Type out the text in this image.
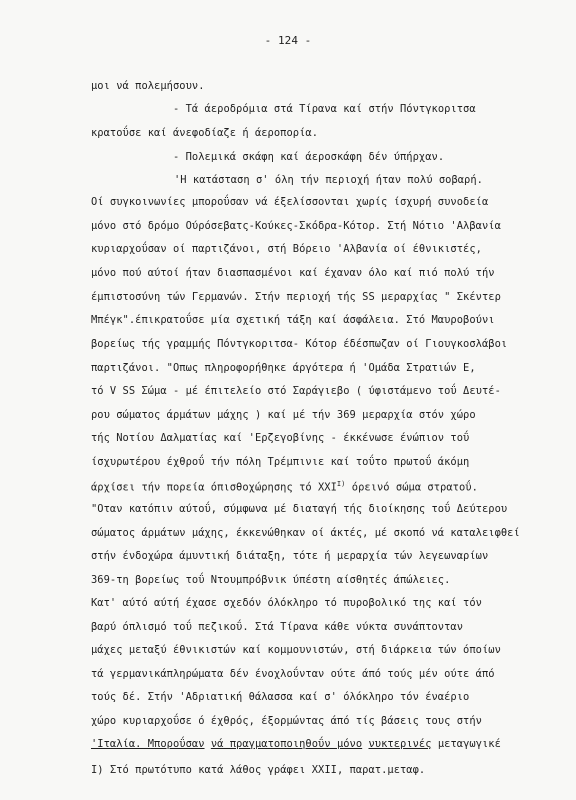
- 124 -
μοι νά πολεμήσουν.
- Τά άεροδρόμια στά Τίρανα καί στήν Πόντγκοριτσα
κρατοΰσε καί άνεφοδίαζε ή άεροπορία.
- Πολεμικά σκάφη καί άεροσκάφη δέν ύπήρχαν.
'Η κατάσταση σ' όλη τήν περιοχή ήταν πολύ σοβαρή.
Οί συγκοινωνίες μποροΰσαν νά έξελίσσονται χωρίς ίσχυρή συνοδεία
μόνο στό δρόμο Ούρόσεβατς-Κούκες-Σκόδρα-Κότορ. Στή Νότιο 'Αλβανία
κυριαρχοΰσαν οί παρτιζάνοι, στή Βόρειο 'Αλβανία οί έθνικιστές,
μόνο πού αύτοί ήταν διασπασμένοι καί έχαναν όλο καί πιό πολύ τήν
έμπιστοσύνη τών Γερμανών. Στήν περιοχή τής SS μεραρχίας " Σκέντερ
Μπέγκ".έπικρατοΰσε μία σχετική τάξη καί άσφάλεια. Στό Μαυροβούνι
βορείως τής γραμμής Πόντγκοριτσα- Κότορ έδέσπωζαν οί Γιουγκοσλάβοι
παρτιζάνοι. "Οπως πληροφορήθηκε άργότερα ή 'Ομάδα Στρατιών Ε,
τό V SS Σώμα - μέ έπιτελείο στό Σαράγιεβο ( ύφιστάμενο τοΰ Δευτέ-
ρου σώματος άρμάτων μάχης ) καί μέ τήν 369 μεραρχία στόν χώρο
τής Νοτίου Δαλματίας καί 'Ερζεγοβίνης - έκκένωσε ένώπιον τοΰ
ίσχυρωτέρου έχθροΰ τήν πόλη Τρέμπινιε καί τοΰτο πρωτοΰ άκόμη
άρχίσει τήν πορεία όπισθοχώρησης τό $XXI^{I)}$ όρεινό σώμα στρατοΰ.
"Οταν κατόπιν αύτοΰ, σύμφωνα μέ διαταγή τής διοίκησης τοΰ Δεύτερου
σώματος άρμάτων μάχης, έκκενώθηκαν οί άκτές, μέ σκοπό νά καταλειφθεί
στήν ένδοχώρα άμυντική διάταξη, τότε ή μεραρχία τών λεγεωναρίων
369-τη βορείως τοΰ Ντουμπρόβνικ ύπέστη αίσθητές άπώλειες.
Κατ' αύτό αύτή έχασε σχεδόν όλόκληρο τό πυροβολικό της καί τόν
βαρύ όπλισμό τοΰ πεζικοΰ. Στά Τίρανα κάθε νύκτα συνάπτονταν
μάχες μεταξύ έθνικιστών καί κομμουνιστών, στή διάρκεια τών όποίων
τά γερμανικάπληρώματα δέν ένοχλοΰνταν ούτε άπό τούς μέν ούτε άπό
τούς δέ. Στήν 'Αδριατική θάλασσα καί σ' όλόκληρο τόν έναέριο
χώρο κυριαρχοΰσε ό έχθρός, έξορμώντας άπό τίς βάσεις τους στήν
'Ιταλία. Μποροΰσαν νά πραγματοποιηθοΰν μόνο νυκτερινές μεταγωγικέ
I) Στό πρωτότυπο κατά λάθος γράφει XXII, παρατ.μεταφ.
